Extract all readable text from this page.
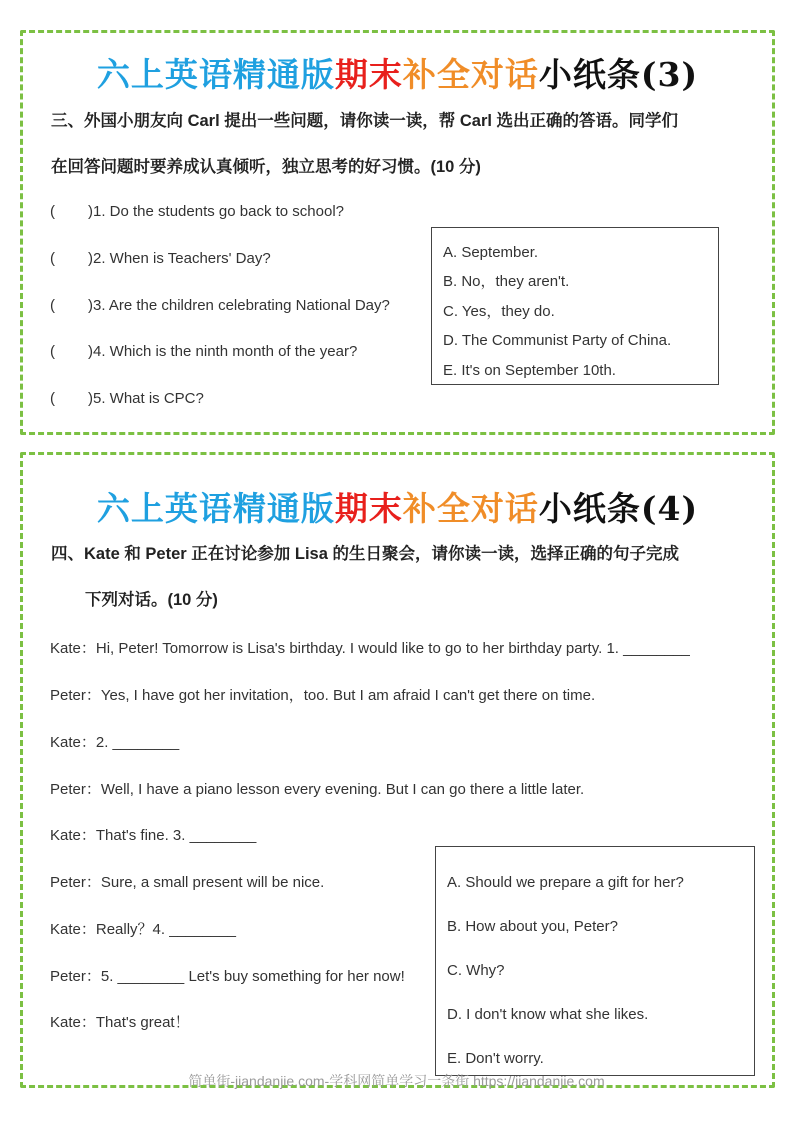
六上英语精通版期末补全对话小纸条(3)
三、外国小朋友向 Carl 提出一些问题，请你读一读，帮 Carl 选出正确的答语。同学们
在回答问题时要养成认真倾听，独立思考的好习惯。(10 分)
( )1. Do the students go back to school?
( )2. When is Teachers' Day?
( )3. Are the children celebrating National Day?
( )4. Which is the ninth month of the year?
( )5. What is CPC?
A. September.
B. No，they aren't.
C. Yes，they do.
D. The Communist Party of China.
E. It's on September 10th.
六上英语精通版期末补全对话小纸条(4)
四、Kate 和 Peter 正在讨论参加 Lisa 的生日聚会，请你读一读，选择正确的句子完成
下列对话。(10 分)
Kate：Hi, Peter! Tomorrow is Lisa's birthday. I would like to go to her birthday party. 1. ________
Peter：Yes, I have got her invitation，too. But I am afraid I can't get there on time.
Kate：2. ________
Peter：Well, I have a piano lesson every evening. But I can go there a little later.
Kate：That's fine. 3. ________
Peter：Sure, a small present will be nice.
Kate：Really？4. ________
Peter：5. ________ Let's buy something for her now!
Kate：That's great！
A. Should we prepare a gift for her?
B. How about you, Peter?
C. Why?
D. I don't know what she likes.
E. Don't worry.
简单街-jiandanjie.com-学科网简单学习一条街 https://jiandanjie.com
